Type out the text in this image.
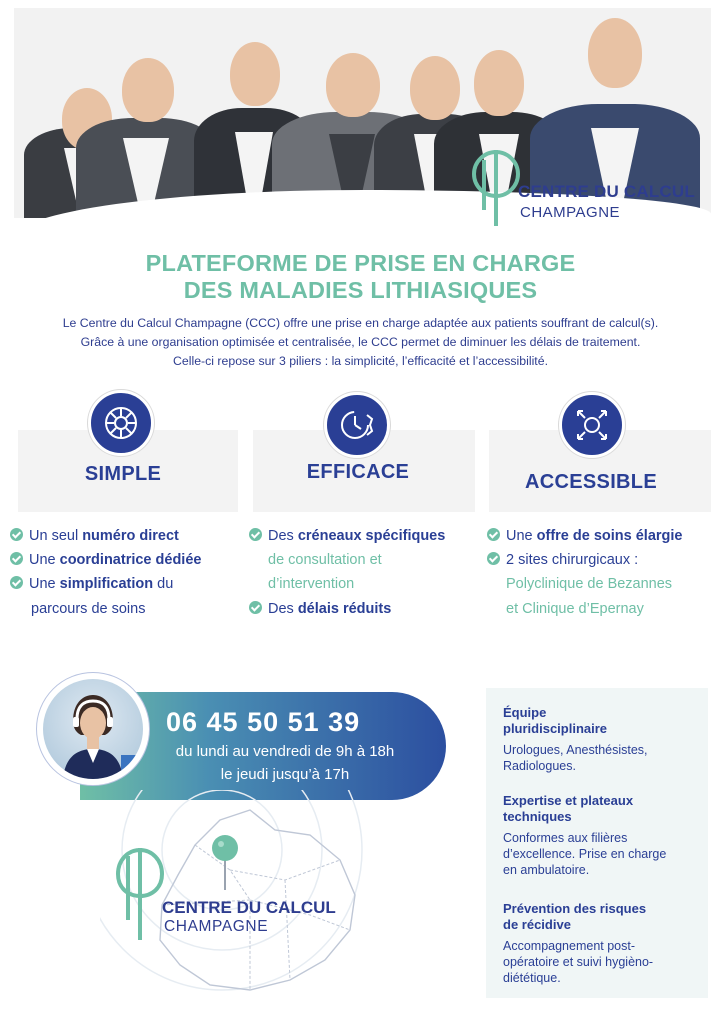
CENTRE DU CALCUL
CHAMPAGNE
PLATEFORME DE PRISE EN CHARGE
DES MALADIES LITHIASIQUES
Le Centre du Calcul Champagne (CCC) offre une prise en charge adaptée aux patients souffrant de calcul(s).
Grâce à une organisation optimisée et centralisée, le CCC permet de diminuer les délais de traitement.
Celle-ci repose sur 3 piliers : la simplicité, l’efficacité et l’accessibilité.
SIMPLE	EFFICACE	ACCESSIBLE
Un seul numéro direct
Une coordinatrice dédiée
Une simplification du
parcours de soins
Des créneaux spécifiques
de consultation et
d’intervention
Des délais réduits
Une offre de soins élargie
2 sites chirurgicaux :
Polyclinique de Bezannes
et Clinique d’Epernay
06 45 50 51 39
du lundi au vendredi de 9h à 18h
le jeudi jusqu’à 17h
CENTRE DU CALCUL
CHAMPAGNE
Équipe
pluridisciplinaire
Urologues, Anesthésistes,
Radiologues.
Expertise et plateaux
techniques
Conformes aux filières
d’excellence. Prise en charge
en ambulatoire.
Prévention des risques
de récidive
Accompagnement post-
opératoire et suivi hygièno-
diététique.
